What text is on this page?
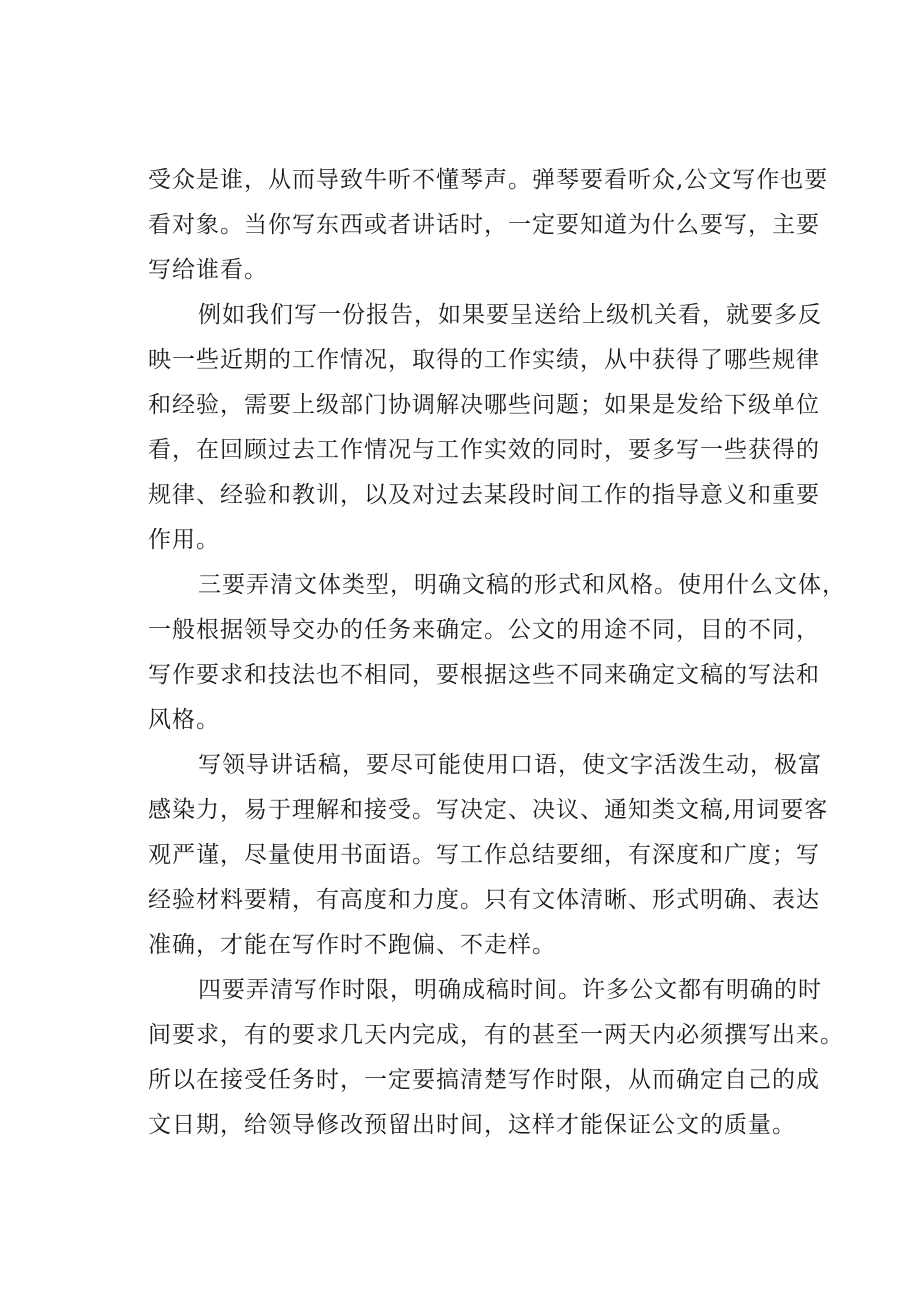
受众是谁，从而导致牛听不懂琴声。弹琴要看听众,公文写作也要
看对象。当你写东西或者讲话时，一定要知道为什么要写，主要
写给谁看。
例如我们写一份报告，如果要呈送给上级机关看，就要多反
映一些近期的工作情况，取得的工作实绩，从中获得了哪些规律
和经验，需要上级部门协调解决哪些问题；如果是发给下级单位
看，在回顾过去工作情况与工作实效的同时，要多写一些获得的
规律、经验和教训，以及对过去某段时间工作的指导意义和重要
作用。
三要弄清文体类型，明确文稿的形式和风格。使用什么文体，
一般根据领导交办的任务来确定。公文的用途不同，目的不同，
写作要求和技法也不相同，要根据这些不同来确定文稿的写法和
风格。
写领导讲话稿，要尽可能使用口语，使文字活泼生动，极富
感染力，易于理解和接受。写决定、决议、通知类文稿,用词要客
观严谨，尽量使用书面语。写工作总结要细，有深度和广度；写
经验材料要精，有高度和力度。只有文体清晰、形式明确、表达
准确，才能在写作时不跑偏、不走样。
四要弄清写作时限，明确成稿时间。许多公文都有明确的时
间要求，有的要求几天内完成，有的甚至一两天内必须撰写出来。
所以在接受任务时，一定要搞清楚写作时限，从而确定自己的成
文日期，给领导修改预留出时间，这样才能保证公文的质量。
